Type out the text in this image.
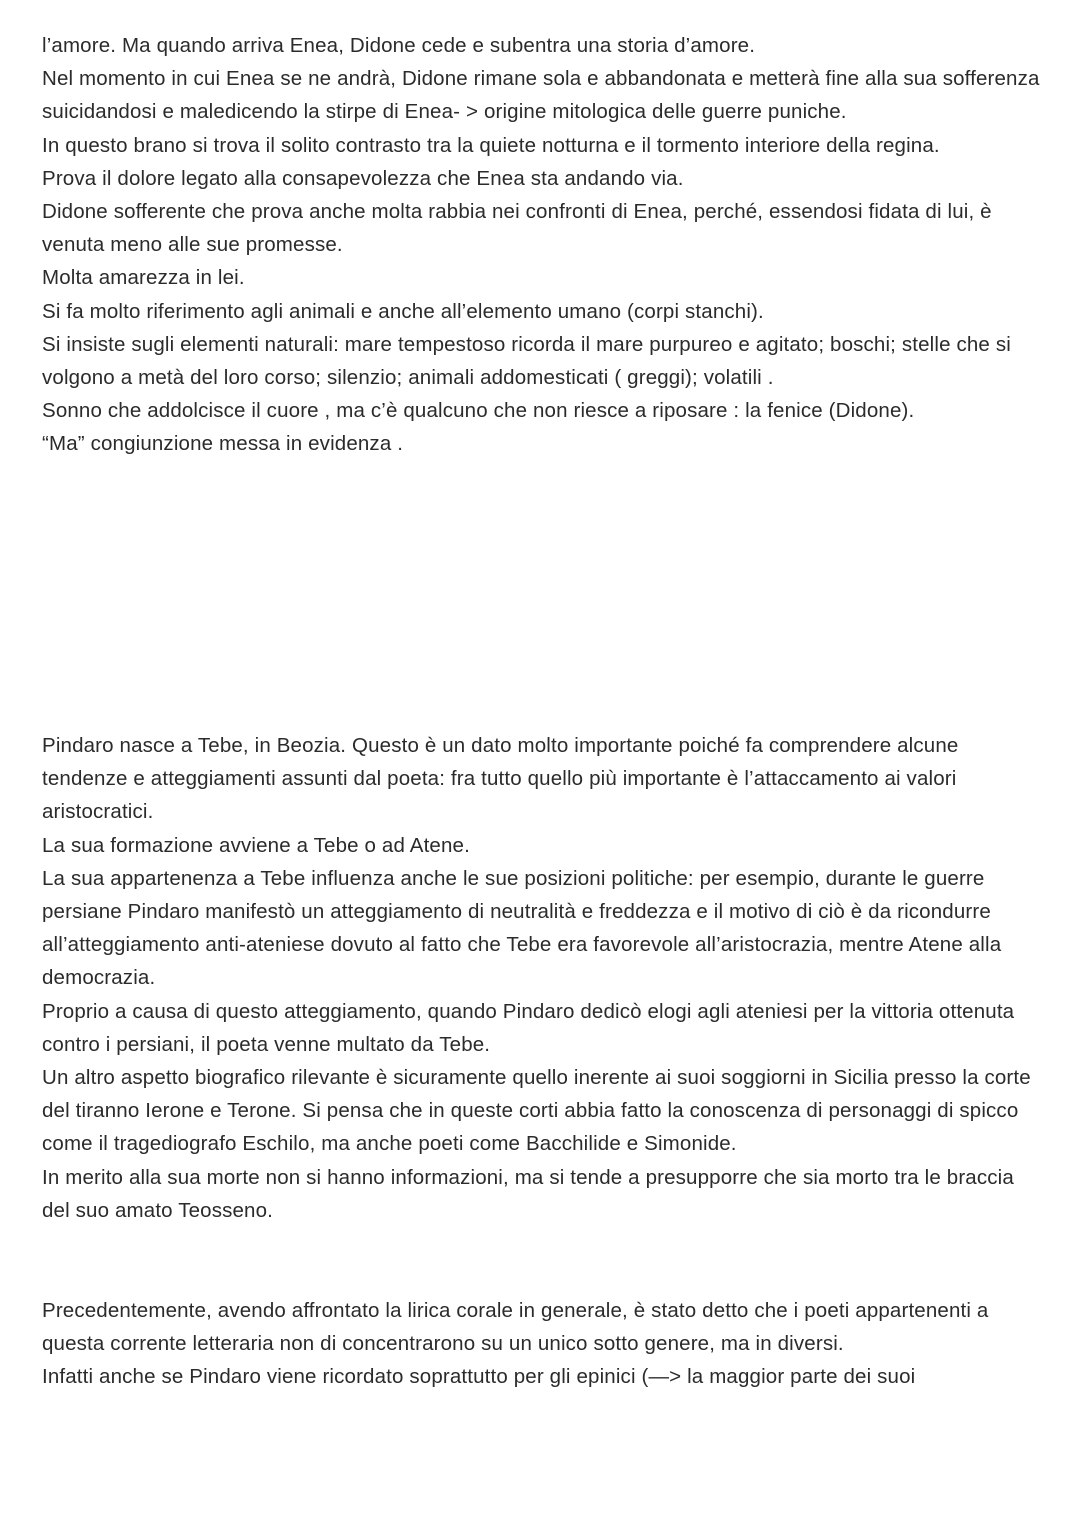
l’amore. Ma quando arriva Enea, Didone cede e subentra una storia d’amore.

Nel momento in cui Enea se ne andrà, Didone rimane sola e abbandonata e metterà fine alla sua sofferenza suicidandosi e maledicendo la stirpe di Enea- > origine mitologica delle guerre puniche.

In questo brano si trova il solito contrasto tra la quiete notturna e il tormento interiore della regina.

Prova il dolore legato alla consapevolezza che Enea sta andando via.

Didone sofferente che prova anche molta rabbia nei confronti di Enea, perché, essendosi fidata di lui, è venuta meno alle sue promesse.

Molta amarezza in lei.

Si fa molto riferimento agli animali e anche all’elemento umano (corpi stanchi).

Si insiste sugli elementi naturali: mare tempestoso ricorda il mare purpureo e agitato; boschi; stelle che si volgono a metà del loro corso; silenzio; animali addomesticati ( greggi); volatili .

Sonno che addolcisce il cuore , ma c’è qualcuno che non riesce a riposare : la fenice (Didone).

“Ma” congiunzione messa in evidenza .

Pindaro nasce a Tebe, in Beozia. Questo è un dato molto importante poiché fa comprendere alcune tendenze e atteggiamenti assunti dal poeta: fra tutto quello più importante è l’attaccamento ai valori aristocratici.

La sua formazione avviene a Tebe o ad Atene.

La sua appartenenza a Tebe influenza anche le sue posizioni politiche: per esempio, durante le guerre persiane Pindaro manifestò un atteggiamento di neutralità e freddezza e il motivo di ciò è da ricondurre all’atteggiamento anti-ateniese dovuto al fatto che Tebe era favorevole all’aristocrazia, mentre Atene alla democrazia.

Proprio a causa di questo atteggiamento, quando Pindaro dedicò elogi agli ateniesi per la vittoria ottenuta contro i persiani, il poeta venne multato da Tebe.

Un altro aspetto biografico rilevante è sicuramente quello inerente ai suoi soggiorni in Sicilia presso la corte del tiranno Ierone e Terone. Si pensa che in queste corti abbia fatto la conoscenza di personaggi di spicco come il tragediografo Eschilo, ma anche poeti come Bacchilide e Simonide.

In merito alla sua morte non si hanno informazioni, ma si tende a presupporre che sia morto tra le braccia del suo amato Teosseno.

Precedentemente, avendo affrontato la lirica corale in generale, è stato detto che i poeti appartenenti a questa corrente letteraria non di concentrarono su un unico sotto genere, ma in diversi.

Infatti anche se Pindaro viene ricordato soprattutto per gli epinici (—> la maggior parte dei suoi
